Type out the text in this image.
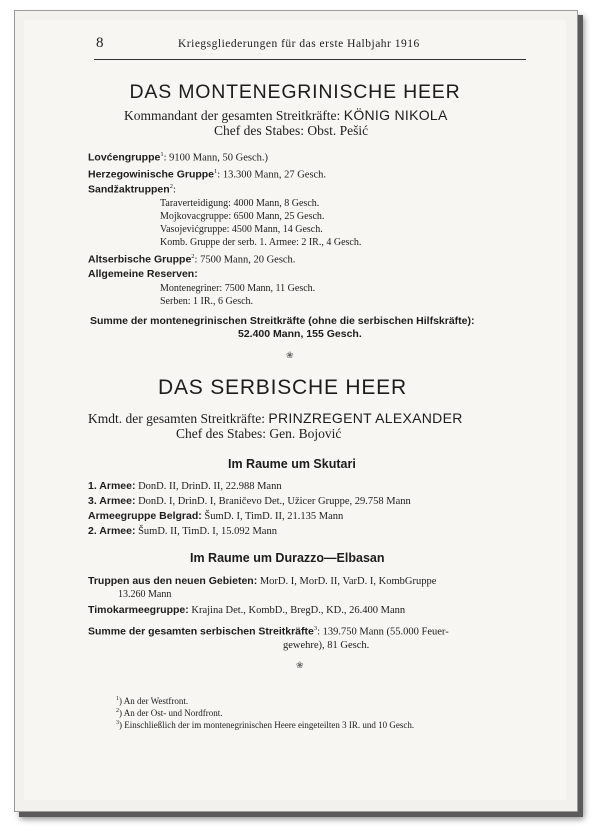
8	Kriegsgliederungen für das erste Halbjahr 1916
DAS MONTENEGRINISCHE HEER
Kommandant der gesamten Streitkräfte: KÖNIG NIKOLA
Chef des Stabes: Obst. Pešić
Lovćengruppe$^1$: 9100 Mann, 50 Gesch.)
Herzegowinische Gruppe$^1$: 13.300 Mann, 27 Gesch.
Sandžaktruppen$^2$:
Taraverteidigung: 4000 Mann, 8 Gesch.
Mojkovacgruppe: 6500 Mann, 25 Gesch.
Vasojevićgruppe: 4500 Mann, 14 Gesch.
Komb. Gruppe der serb. 1. Armee: 2 IR., 4 Gesch.
Altserbische Gruppe$^2$: 7500 Mann, 20 Gesch.
Allgemeine Reserven:
Montenegriner: 7500 Mann, 11 Gesch.
Serben: 1 IR., 6 Gesch.
Summe der montenegrinischen Streitkräfte (ohne die serbischen Hilfskräfte):
52.400 Mann, 155 Gesch.
❀
DAS SERBISCHE HEER
Kmdt. der gesamten Streitkräfte: PRINZREGENT ALEXANDER
Chef des Stabes: Gen. Bojović
Im Raume um Skutari
1. Armee: DonD. II, DrinD. II, 22.988 Mann
3. Armee: DonD. I, DrinD. I, Braničevo Det., Užicer Gruppe, 29.758 Mann
Armeegruppe Belgrad: ŠumD. I, TimD. II, 21.135 Mann
2. Armee: ŠumD. II, TimD. I, 15.092 Mann
Im Raume um Durazzo—Elbasan
Truppen aus den neuen Gebieten: MorD. I, MorD. II, VarD. I, KombGruppe
13.260 Mann
Timokarmeegruppe: Krajina Det., KombD., BregD., KD., 26.400 Mann
Summe der gesamten serbischen Streitkräfte$^3$: 139.750 Mann (55.000 Feuer-
gewehre), 81 Gesch.
❀
$^1$) An der Westfront.
$^2$) An der Ost- und Nordfront.
$^3$) Einschließlich der im montenegrinischen Heere eingeteilten 3 IR. und 10 Gesch.
